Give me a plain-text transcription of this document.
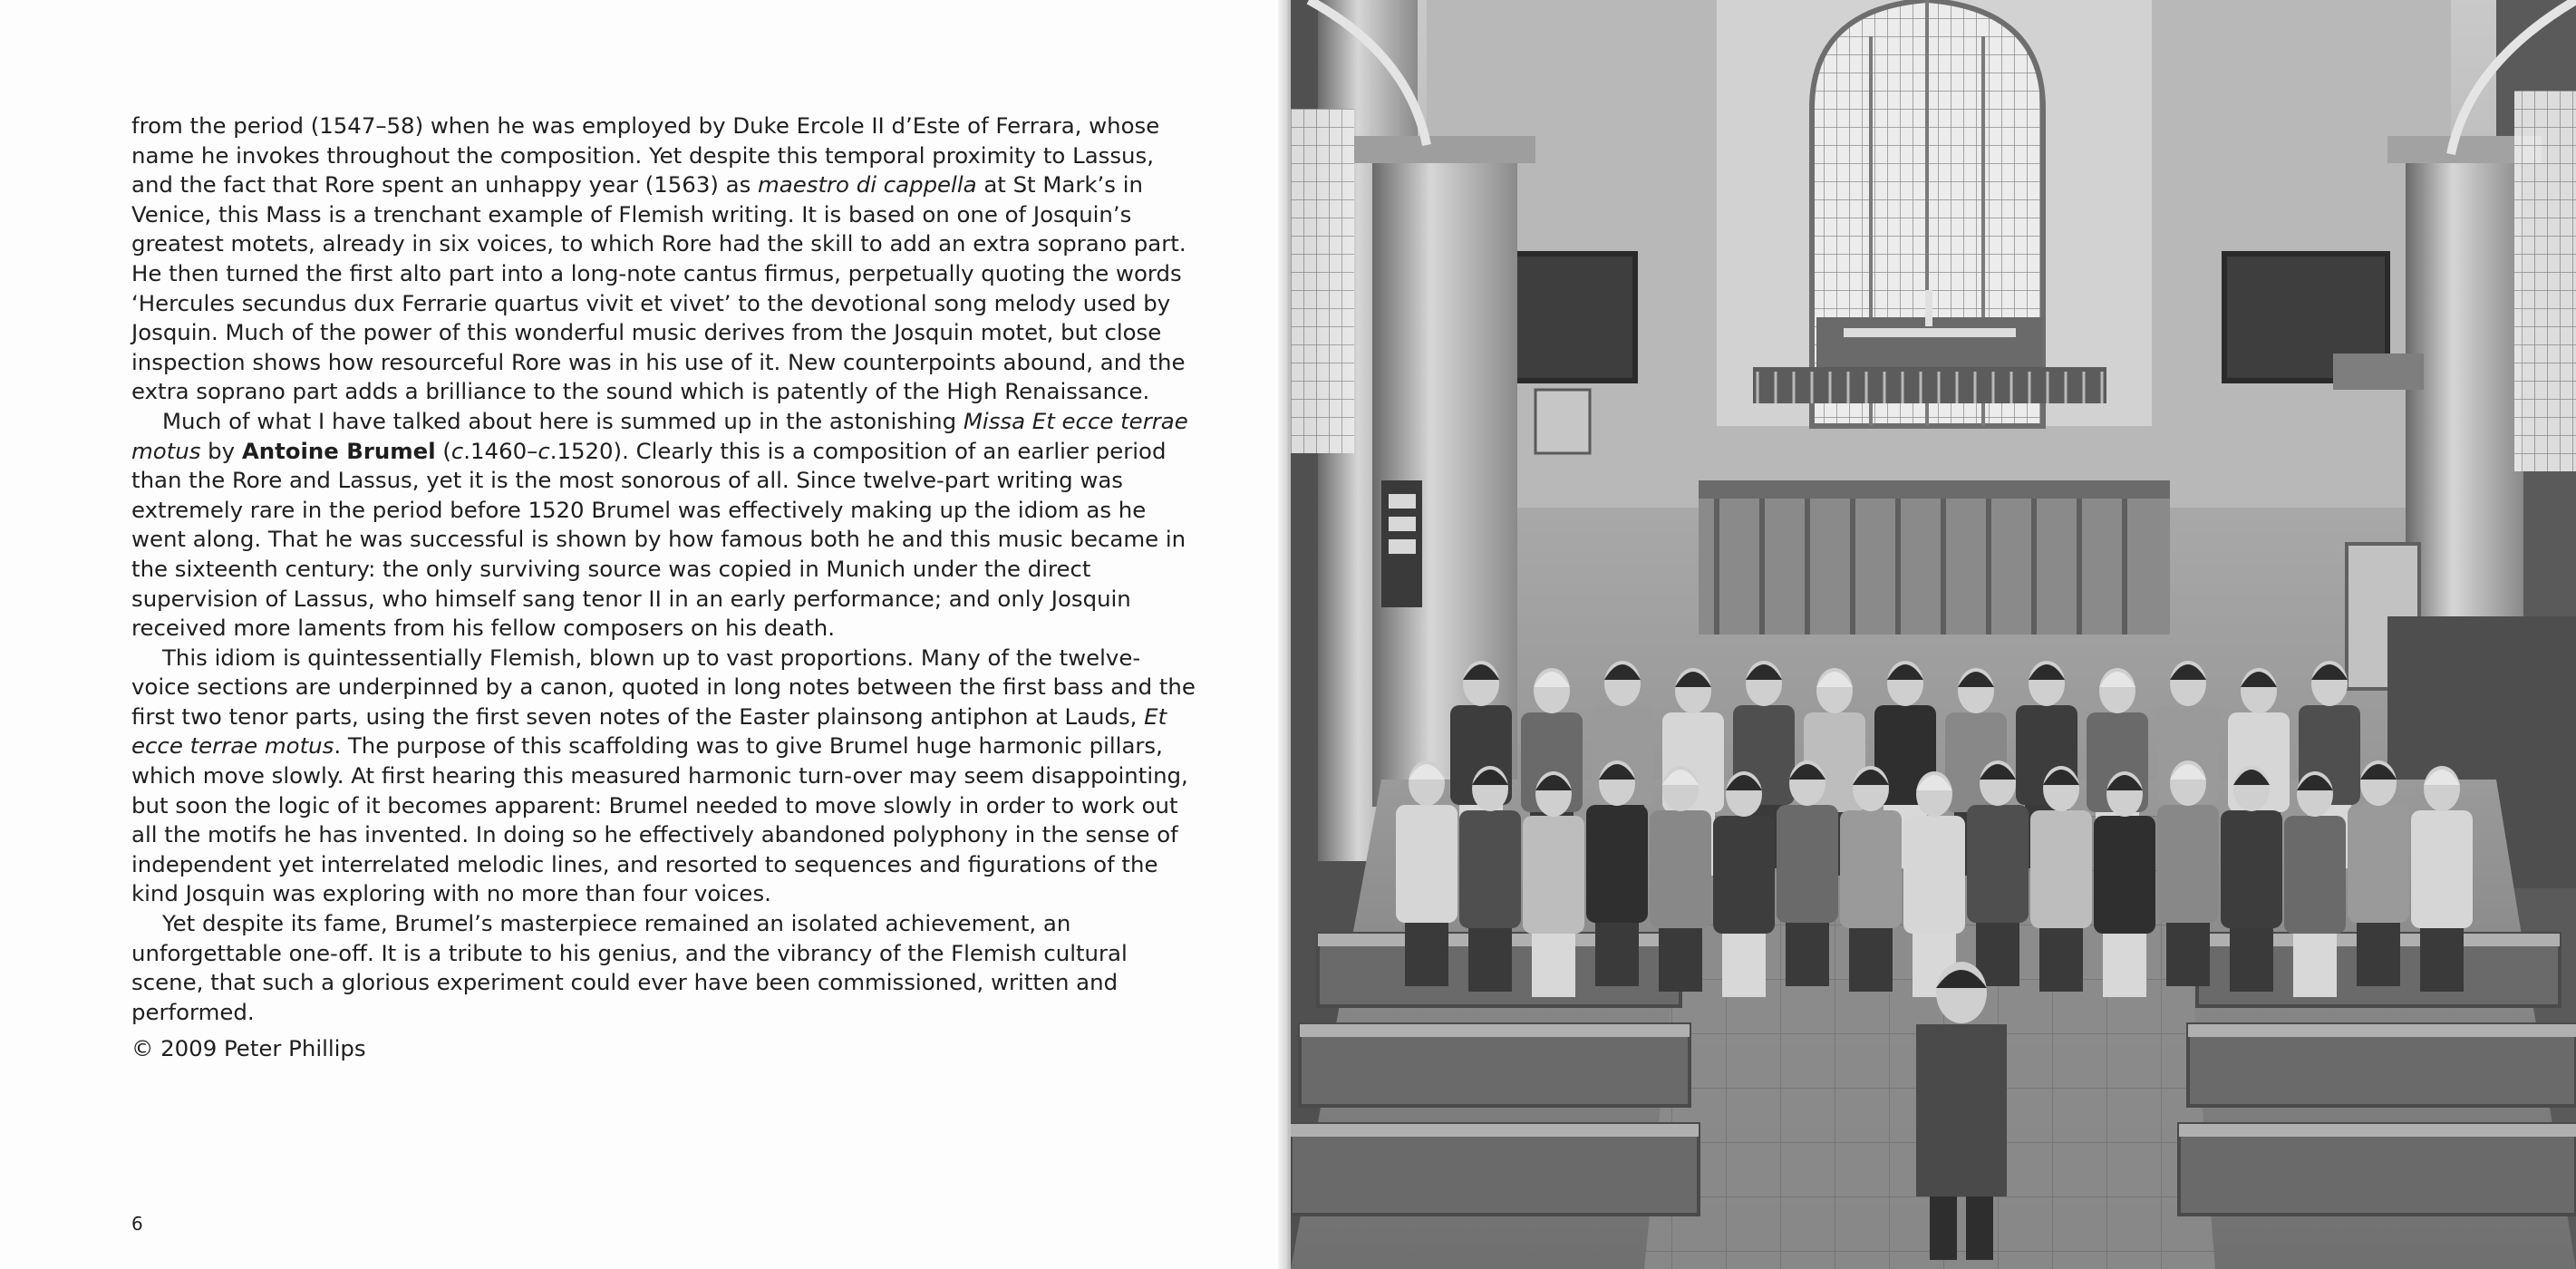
from the period (1547–58) when he was employed by Duke Ercole II d’Este of Ferrara, whose name he invokes throughout the composition. Yet despite this temporal proximity to Lassus, and the fact that Rore spent an unhappy year (1563) as maestro di cappella at St Mark’s in Venice, this Mass is a trenchant example of Flemish writing. It is based on one of Josquin’s greatest motets, already in six voices, to which Rore had the skill to add an extra soprano part. He then turned the first alto part into a long-note cantus firmus, perpetually quoting the words ‘Hercules secundus dux Ferrarie quartus vivit et vivet’ to the devotional song melody used by Josquin. Much of the power of this wonderful music derives from the Josquin motet, but close inspection shows how resourceful Rore was in his use of it. New counterpoints abound, and the extra soprano part adds a brilliance to the sound which is patently of the High Renaissance.

Much of what I have talked about here is summed up in the astonishing Missa Et ecce terrae motus by Antoine Brumel (c.1460–c.1520). Clearly this is a composition of an earlier period than the Rore and Lassus, yet it is the most sonorous of all. Since twelve-part writing was extremely rare in the period before 1520 Brumel was effectively making up the idiom as he went along. That he was successful is shown by how famous both he and this music became in the sixteenth century: the only surviving source was copied in Munich under the direct supervision of Lassus, who himself sang tenor II in an early performance; and only Josquin received more laments from his fellow composers on his death.

This idiom is quintessentially Flemish, blown up to vast proportions. Many of the twelve-voice sections are underpinned by a canon, quoted in long notes between the first bass and the first two tenor parts, using the first seven notes of the Easter plainsong antiphon at Lauds, Et ecce terrae motus. The purpose of this scaffolding was to give Brumel huge harmonic pillars, which move slowly. At first hearing this measured harmonic turn-over may seem disappointing, but soon the logic of it becomes apparent: Brumel needed to move slowly in order to work out all the motifs he has invented. In doing so he effectively abandoned polyphony in the sense of independent yet interrelated melodic lines, and resorted to sequences and figurations of the kind Josquin was exploring with no more than four voices.

Yet despite its fame, Brumel’s masterpiece remained an isolated achievement, an unforgettable one-off. It is a tribute to his genius, and the vibrancy of the Flemish cultural scene, that such a glorious experiment could ever have been commissioned, written and performed.

© 2009 Peter Phillips

6
